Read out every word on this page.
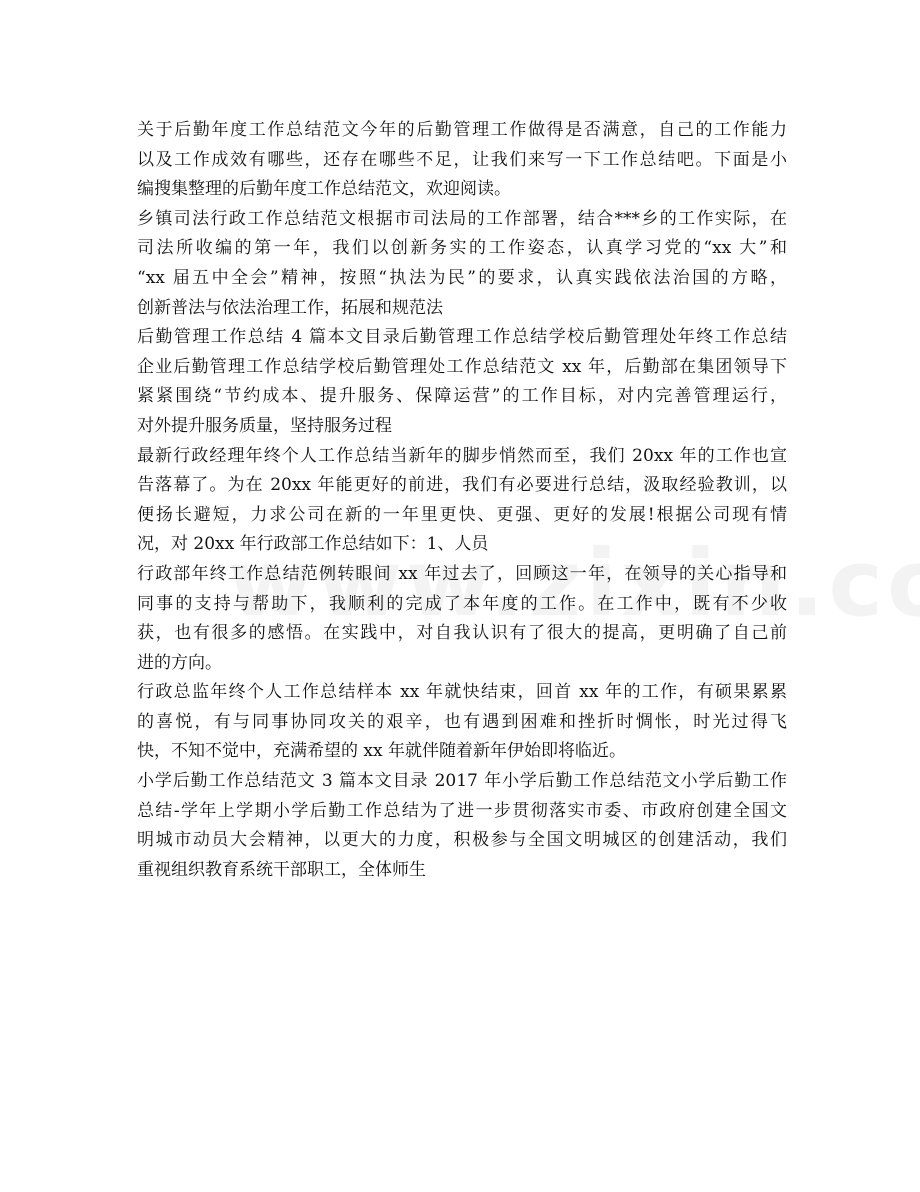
关于后勤年度工作总结范文今年的后勤管理工作做得是否满意，自己的工作能力
以及工作成效有哪些，还存在哪些不足，让我们来写一下工作总结吧。下面是小
编搜集整理的后勤年度工作总结范文，欢迎阅读。
乡镇司法行政工作总结范文根据市司法局的工作部署，结合***乡的工作实际，在
司法所收编的第一年，我们以创新务实的工作姿态，认真学习党的“xx 大”和
“xx 届五中全会”精神，按照“执法为民”的要求，认真实践依法治国的方略，
创新普法与依法治理工作，拓展和规范法
后勤管理工作总结 4 篇本文目录后勤管理工作总结学校后勤管理处年终工作总结
企业后勤管理工作总结学校后勤管理处工作总结范文 xx 年，后勤部在集团领导下
紧紧围绕“节约成本、提升服务、保障运营”的工作目标，对内完善管理运行，
对外提升服务质量，坚持服务过程
最新行政经理年终个人工作总结当新年的脚步悄然而至，我们 20xx 年的工作也宣
告落幕了。为在 20xx 年能更好的前进，我们有必要进行总结，汲取经验教训，以
便扬长避短，力求公司在新的一年里更快、更强、更好的发展!根据公司现有情
况，对 20xx 年行政部工作总结如下：1、人员
行政部年终工作总结范例转眼间 xx 年过去了，回顾这一年，在领导的关心指导和
同事的支持与帮助下，我顺利的完成了本年度的工作。在工作中，既有不少收
获，也有很多的感悟。在实践中，对自我认识有了很大的提高，更明确了自己前
进的方向。
行政总监年终个人工作总结样本 xx 年就快结束，回首 xx 年的工作，有硕果累累
的喜悦，有与同事协同攻关的艰辛，也有遇到困难和挫折时惆怅，时光过得飞
快，不知不觉中，充满希望的 xx 年就伴随着新年伊始即将临近。
小学后勤工作总结范文 3 篇本文目录 2017 年小学后勤工作总结范文小学后勤工作
总结-学年上学期小学后勤工作总结为了进一步贯彻落实市委、市政府创建全国文
明城市动员大会精神，以更大的力度，积极参与全国文明城区的创建活动，我们
重视组织教育系统干部职工，全体师生
